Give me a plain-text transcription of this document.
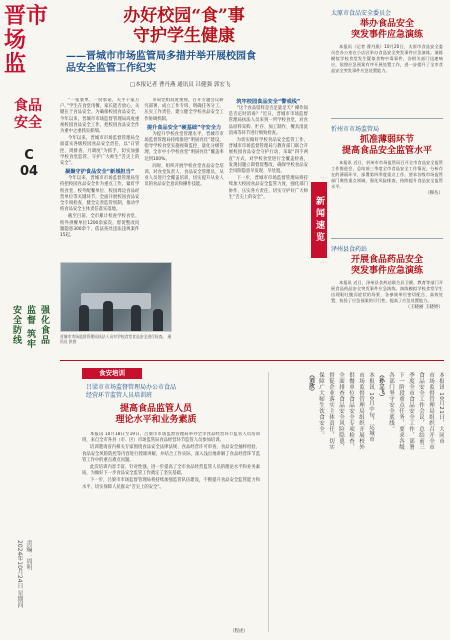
晋市
场
监
食品
安全
C
04
安全防线 监督 筑牢 强化食品
2024年10月24日 星期四 责编：周明
办好校园“食”事
守护学生健康
——晋城市市场监管局多措并举开展校园食
品安全监管工作纪实
□本报记者 曹丹燕 通讯员 吕健强 郭宏飞

“一张菜单、一份承诺，关乎千家万户。”学生在食堂用餐，家长能否放心，关键在于食品安全。为确保校园食品安全，今年以来，晋城市市场监督管理局高度重视校园食品安全工作，把校园食品安全作为重中之重抓实抓细。

今年以来，晋城市市场监督管理局全面落实各级校园食品安全责任，以“日管控、周排查、月调度”为抓手，切实加强学校食堂监管，守护广大师生“舌尖上的安全”。

凝聚守护食品安全“新城担当”

今年以来，晋城市市场监督管理局坚持把校园食品安全作为重点工作，紧盯学校食堂、校外配餐单位、校园周边食品经营单位等关键环节，全面开展校园食品安全专项检查，健全完善监管机制，推动学校食品安全主体责任落实落地。

截至目前，全市累计检查学校食堂、校外供餐单位1200余家次，督促整改问题隐患300余个，依法查处违法违规案件15起。

市局党组高度重视，召开专题会议研究部署，成立工作专班，明确任务分工，压实工作责任，建立健全学校食品安全工作协调机制。

提升食品安全“硬基础”守安全力

为提升学校食堂管理水平，晋城市市场监督管理局持续推进“明厨亮灶”建设，指导学校食堂实施视频监控、量化分级管理，全市中小学校食堂“明厨亮灶”覆盖率达到100%。

同时，组织开展学校食堂食品安全培训，对食堂负责人、食品安全管理员、从业人员进行全覆盖培训，切实提升从业人员的食品安全意识和操作技能。

筑牢校园食品安全“警戒线”

“这个食品留样是否足量足天？操作间是否定时消毒？”近日，晋城市市场监督管理局执法人员来到一所学校食堂，对食品原料采购、贮存、加工制作、餐具清洗消毒等环节进行细致检查。

为切实做好学校食品安全监管工作，晋城市市场监督管理局与教育部门联合开展校园食品安全守护行动，采取“四不两直”方式，对学校食堂进行全覆盖检查，发现问题立即督促整改，确保学校食品安全风险隐患早发现、早处置。

下一步，晋城市市场监督管理局将持续加大校园食品安全监管力度，强化部门协作，压实各方责任，切实守护好广大师生“舌尖上的安全”。

晋城市市场监督管理局执法人员对学校食堂食品安全进行检查。 通讯员 供图
新闻速览
太原市食品安全委员会
举办食品安全
突发事件应急演练
本报讯（记者 曹丹燕）10月20日，太原市食品安全委员会办公室在小店区举办食品安全突发事件应急演练。演练模拟学校食堂发生疑似食物中毒事件，各相关部门迅速响应，依照应急预案有序开展处置工作，进一步提升了全市食品安全突发事件应急处置能力。
忻州市市场监管局
抓准薄弱环节
提高食品安全监管水平
本报讯 近日，忻州市市场监管局召开全市食品安全监管工作推进会，总结前三季度全市食品安全工作情况，分析存在的薄弱环节，部署第四季度重点工作，要求各级市场监管部门聚焦重点领域，强化风险排查，持续提升食品安全监管水平。
（穆丛）
泽州县食药站
开展食品药品安全
突发事件应急演练
本报讯 近日，泽州县食药站联合县卫健、教育等部门开展食品药品安全突发事件应急演练。演练模拟学校食堂学生出现呕吐腹泻症状的场景，各参演单位密切配合，高效处置，检验了应急预案的可行性，提高了应急处置能力。
（王晓丽 王晓婷）
食安培训
吕梁市市场监督管理局办公市食品
经营环节监管人员培训班
提高食品监管人员
理论水平和业务素质

本报讯 10月18日至19日，吕梁市市场监督管理局举办全市食品经营环节监管人员培训班，来自全市各县（市、区）市场监管局食品经营环节监管人员参加培训。

培训邀请省内相关专家围绕食品安全法律法规、食品经营许可审查、食品安全抽样检验、食品安全风险防控等内容进行授课讲解，并结合工作实际，深入浅出地讲解了食品经营环节监管工作中的重点难点问题。

此次培训内容丰富、针对性强，进一步提高了全市食品经营监管人员的理论水平和业务素质，为做好下一步食品安全监管工作奠定了坚实基础。

下一步，吕梁市市场监督管理局将持续加强监管队伍建设，不断提升食品安全监管能力和水平，切实保障人民群众“舌尖上的安全”。

（程虎）
本报讯 10月21日，大同市
市场监督管理局组织召开全市
食品安全工作会议，总结前三
季度全市食品安全工作，部署
下一阶段重点任务，要求各级
各部门坚守安全底线。
（孙立飞）
本报讯 10月中旬，运城市
市场监督管理局组织开展校外
供餐单位食品安全专项检查，
全面排查食品安全风险隐患，
督促企业落实主体责任，切实
保障广大师生饮食安全。
（刘欣）
